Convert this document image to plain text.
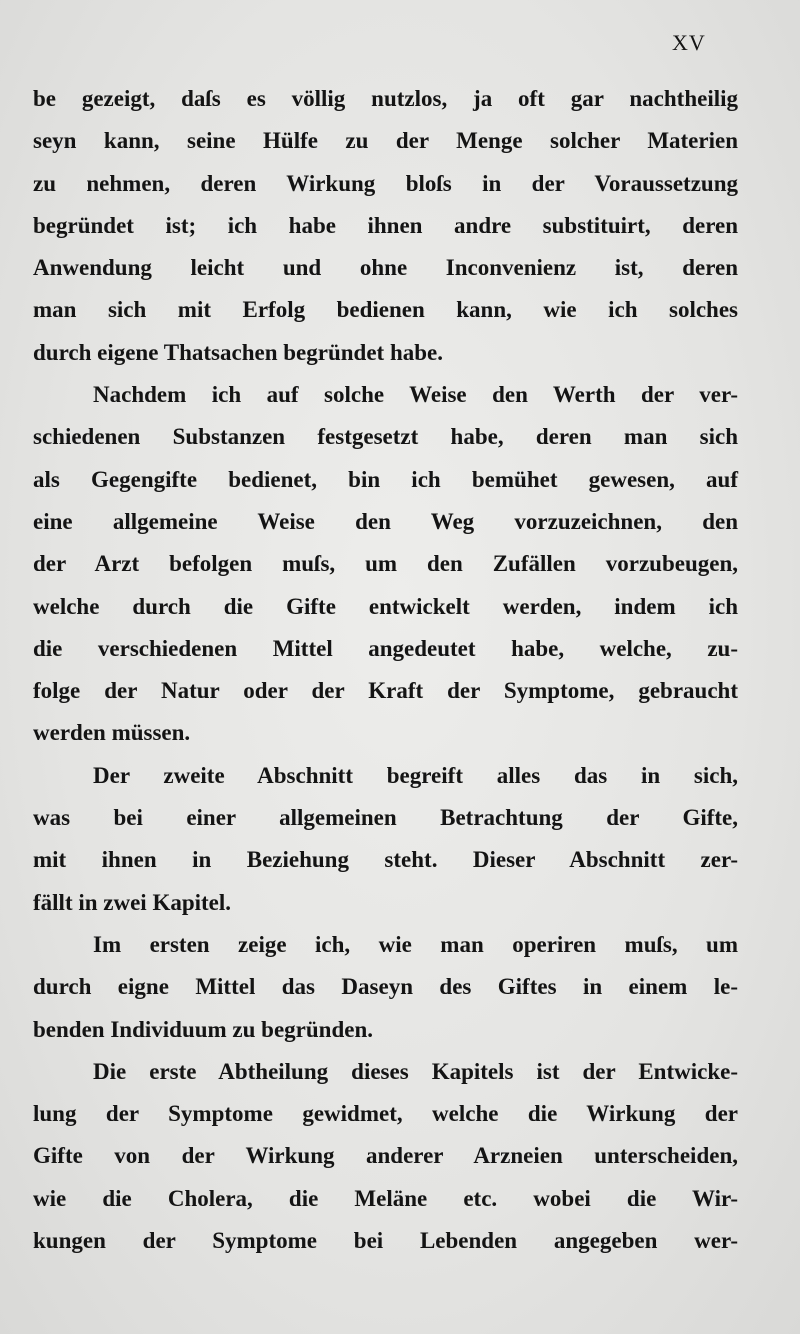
XV
be gezeigt, daſs es völlig nutzlos, ja oft gar nachtheilig
seyn kann, seine Hülfe zu der Menge solcher Materien
zu nehmen, deren Wirkung bloſs in der Voraussetzung
begründet ist; ich habe ihnen andre substituirt, deren
Anwendung leicht und ohne Inconvenienz ist, deren
man sich mit Erfolg bedienen kann, wie ich solches
durch eigene Thatsachen begründet habe.
Nachdem ich auf solche Weise den Werth der ver-
schiedenen Substanzen festgesetzt habe, deren man sich
als Gegengifte bedienet, bin ich bemühet gewesen, auf
eine allgemeine Weise den Weg vorzuzeichnen, den
der Arzt befolgen muſs, um den Zufällen vorzubeugen,
welche durch die Gifte entwickelt werden, indem ich
die verschiedenen Mittel angedeutet habe, welche, zu-
folge der Natur oder der Kraft der Symptome, gebraucht
werden müssen.
Der zweite Abschnitt begreift alles das in sich,
was bei einer allgemeinen Betrachtung der Gifte,
mit ihnen in Beziehung steht. Dieser Abschnitt zer-
fällt in zwei Kapitel.
Im ersten zeige ich, wie man operiren muſs, um
durch eigne Mittel das Daseyn des Giftes in einem le-
benden Individuum zu begründen.
Die erste Abtheilung dieses Kapitels ist der Entwicke-
lung der Symptome gewidmet, welche die Wirkung der
Gifte von der Wirkung anderer Arzneien unterscheiden,
wie die Cholera, die Meläne etc. wobei die Wir-
kungen der Symptome bei Lebenden angegeben wer-
